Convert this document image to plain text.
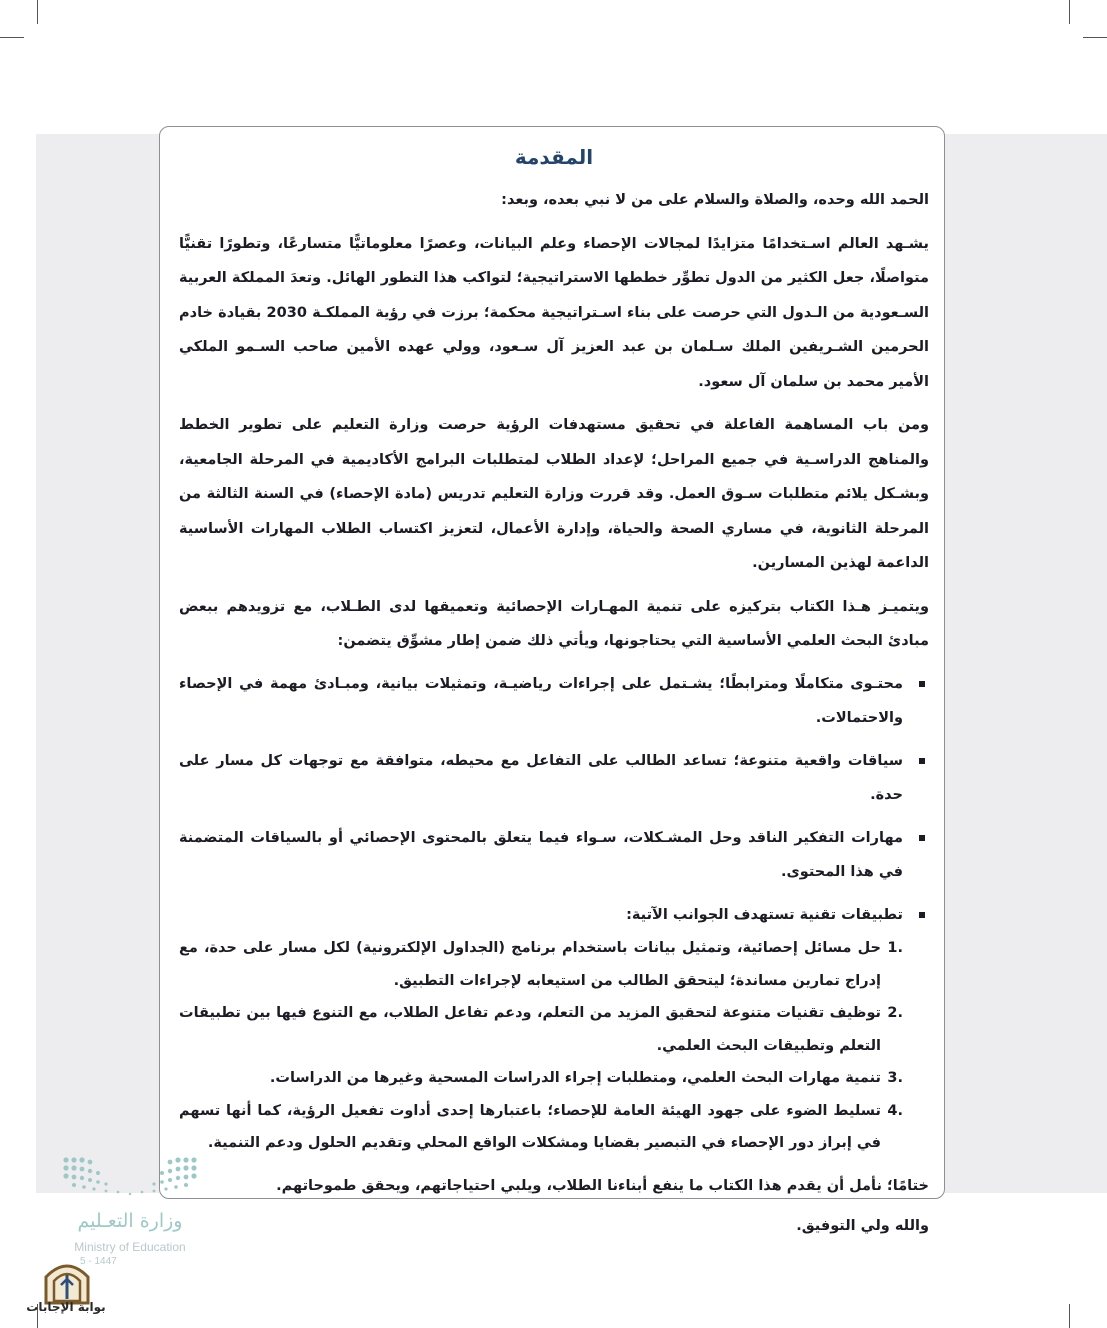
المقدمة

الحمد الله وحده، والصلاة والسلام على من لا نبي بعده، وبعد:

يشـهد العالم اسـتخدامًا متزايدًا لمجالات الإحصاء وعلم البيانات، وعصرًا معلوماتيًّا متسارعًا، وتطورًا تقنيًّا متواصلًا، جعل الكثير من الدول تطوِّر خططها الاستراتيجية؛ لتواكب هذا التطور الهائل. وتعدَ المملكة العربية السـعودية من الـدول التي حرصت على بناء اسـتراتيجية محكمة؛ برزت في رؤية المملكـة 2030 بقيادة خادم الحرمين الشـريفين الملك سـلمان بن عبد العزيز آل سـعود، وولي عهده الأمين صاحب السـمو الملكي الأمير محمد بن سلمان آل سعود.

ومن باب المساهمة الفاعلة في تحقيق مستهدفات الرؤية حرصت وزارة التعليم على تطوير الخطط والمناهج الدراسـية في جميع المراحل؛ لإعداد الطلاب لمتطلبات البرامج الأكاديمية في المرحلة الجامعية، وبشـكل يلائم متطلبات سـوق العمل. وقد قررت وزارة التعليم تدريس (مادة الإحصاء) في السنة الثالثة من المرحلة الثانوية، في مساري الصحة والحياة، وإدارة الأعمال، لتعزيز اكتساب الطلاب المهارات الأساسية الداعمة لهذين المسارين.

ويتميـز هـذا الكتاب بتركيزه على تنمية المهـارات الإحصائية وتعميقها لدى الطـلاب، مع تزويدهم ببعض مبادئ البحث العلمي الأساسية التي يحتاجونها، ويأتي ذلك ضمن إطار مشوِّق يتضمن:

محتـوى متكاملًا ومترابطًا؛ يشـتمل على إجراءات رياضيـة، وتمثيلات بيانية، ومبـادئ مهمة في الإحصاء والاحتمالات.
سياقات واقعية متنوعة؛ تساعد الطالب على التفاعل مع محيطه، متوافقة مع توجهات كل مسار على حدة.
مهارات التفكير الناقد وحل المشـكلات، سـواء فيما يتعلق بالمحتوى الإحصائي أو بالسياقات المتضمنة في هذا المحتوى.
تطبيقات تقنية تستهدف الجوانب الآتية:
1.
حل مسائل إحصائية، وتمثيل بيانات باستخدام برنامج (الجداول الإلكترونية) لكل مسار على حدة، مع إدراج تمارين مساندة؛ ليتحقق الطالب من استيعابه لإجراءات التطبيق.
2.
توظيف تقنيات متنوعة لتحقيق المزيد من التعلم، ودعم تفاعل الطلاب، مع التنوع فيها بين تطبيقات التعلم وتطبيقات البحث العلمي.
3.
تنمية مهارات البحث العلمي، ومتطلبات إجراء الدراسات المسحية وغيرها من الدراسات.
4.
تسليط الضوء على جهود الهيئة العامة للإحصاء؛ باعتبارها إحدى أداوت تفعيل الرؤية، كما أنها تسهم في إبراز دور الإحصاء في التبصير بقضايا ومشكلات الواقع المحلي وتقديم الحلول ودعم التنمية.

ختامًا؛ نأمل أن يقدم هذا الكتاب ما ينفع أبناءنا الطلاب، ويلبي احتياجاتهم، ويحقق طموحاتهم.

والله ولي التوفيق.

وزارة التعـليم
Ministry of Education
5 - 1447
بوابة الإجابات
